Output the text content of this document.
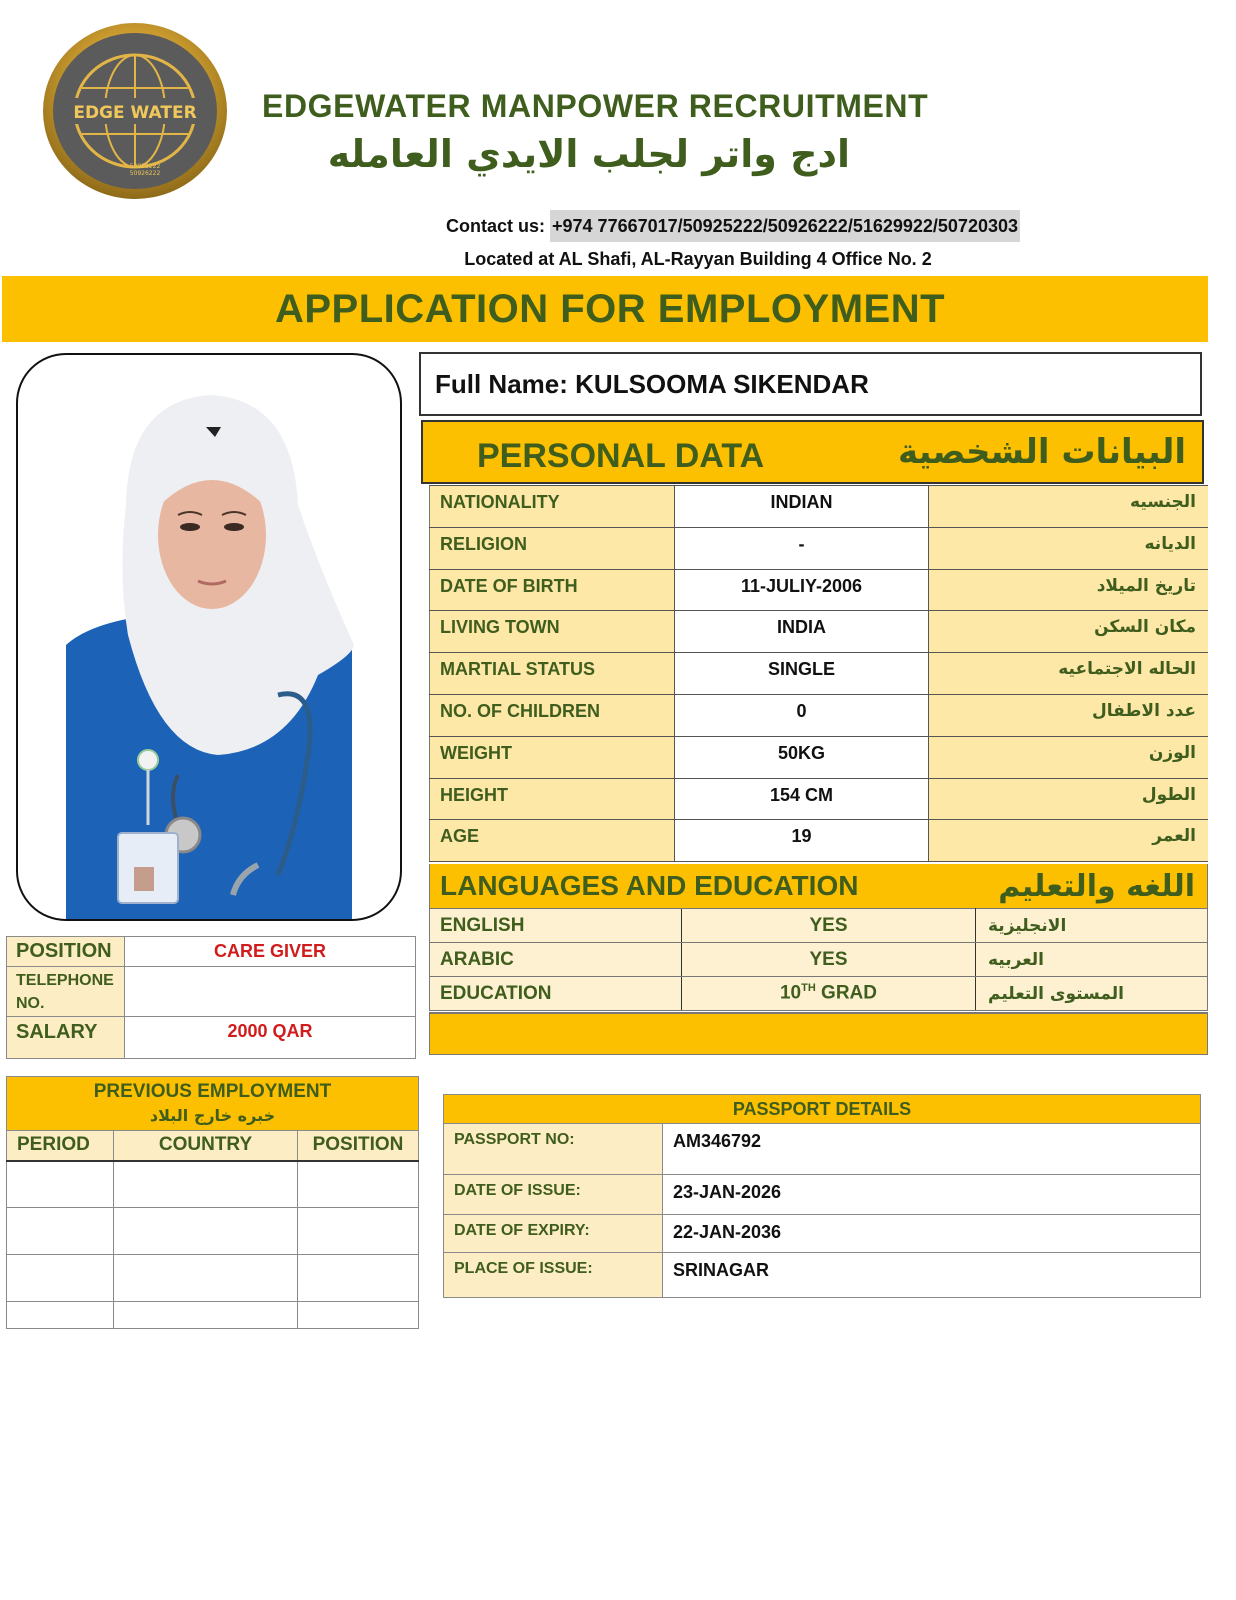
EDGE WATER
50925222
50926222
EDGEWATER MANPOWER RECRUITMENT
ادج واتر لجلب الايدي العامله
Contact us: +974 77667017/50925222/50926222/51629922/50720303
Located at AL Shafi, AL-Rayyan Building 4 Office No. 2
APPLICATION FOR EMPLOYMENT
POSITION	CARE GIVER
TELEPHONE NO.	
SALARY	2000 QAR
Full Name:
KULSOOMA SIKENDAR
PERSONAL DATA	البيانات الشخصية
NATIONALITY	INDIAN	الجنسيه
RELIGION	-	الديانه
DATE OF BIRTH	11-JULIY-2006	تاريخ الميلاد
LIVING TOWN	INDIA	مكان السكن
MARTIAL STATUS	SINGLE	الحاله الاجتماعيه
NO. OF CHILDREN	0	عدد الاطفال
WEIGHT	50KG	الوزن
HEIGHT	154 CM	الطول
AGE	19	العمر
LANGUAGES AND EDUCATION	اللغه والتعليم
ENGLISH	YES	الانجليزية
ARABIC	YES	العربيه
EDUCATION	10TH GRAD	المستوى التعليم
PREVIOUS EMPLOYMENT
خبره خارج البلاد		

PERIOD	COUNTRY	POSITION

PASSPORT DETAILS	
PASSPORT NO:	AM346792
DATE OF ISSUE:	23-JAN-2026
DATE OF EXPIRY:	22-JAN-2036
PLACE OF ISSUE:	SRINAGAR
